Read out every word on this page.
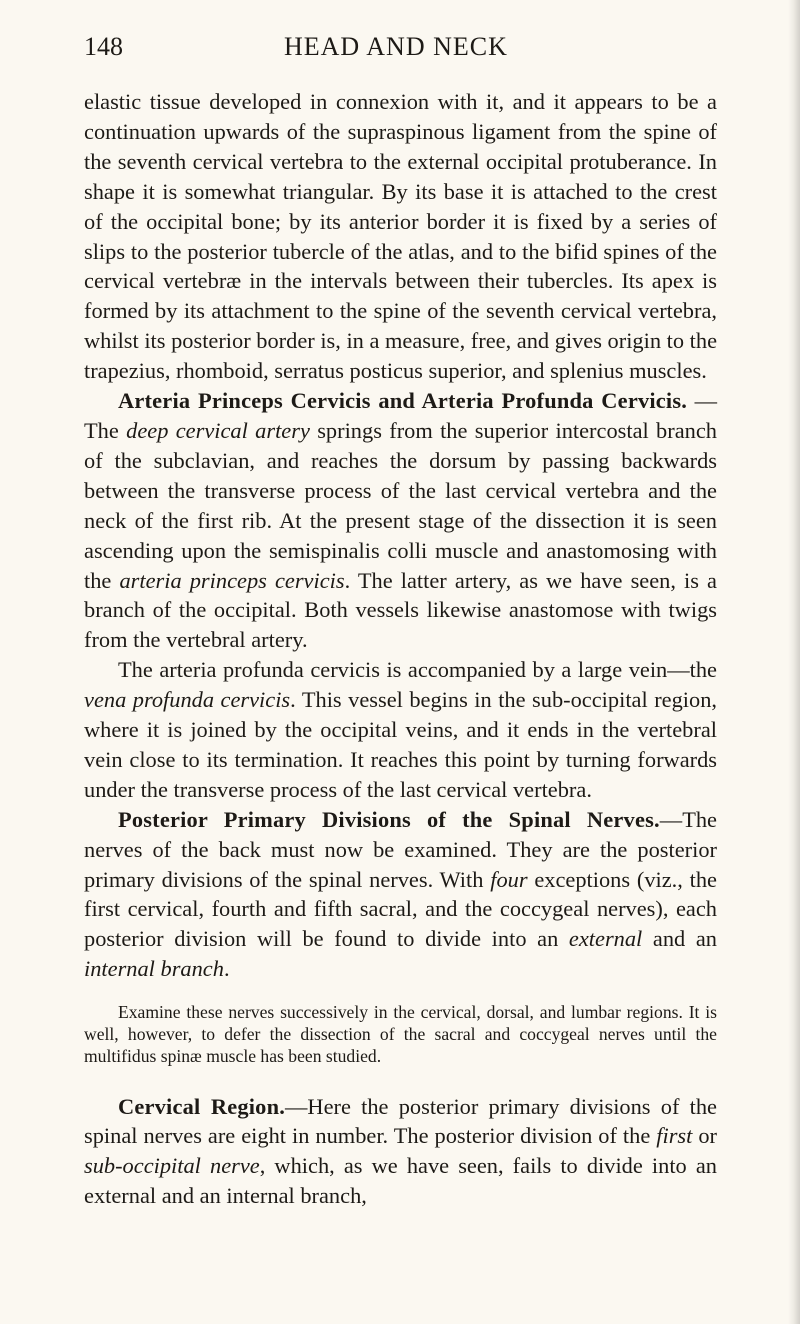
148	HEAD AND NECK

elastic tissue developed in connexion with it, and it appears to be a continuation upwards of the supraspinous ligament from the spine of the seventh cervical vertebra to the external occipital protuberance. In shape it is somewhat triangular. By its base it is attached to the crest of the occipital bone; by its anterior border it is fixed by a series of slips to the posterior tubercle of the atlas, and to the bifid spines of the cervical vertebræ in the intervals between their tubercles. Its apex is formed by its attachment to the spine of the seventh cervical vertebra, whilst its posterior border is, in a measure, free, and gives origin to the trapezius, rhomboid, serratus posticus superior, and splenius muscles.

Arteria Princeps Cervicis and Arteria Profunda Cervicis. —The deep cervical artery springs from the superior intercostal branch of the subclavian, and reaches the dorsum by passing backwards between the transverse process of the last cervical vertebra and the neck of the first rib. At the present stage of the dissection it is seen ascending upon the semispinalis colli muscle and anastomosing with the arteria princeps cervicis. The latter artery, as we have seen, is a branch of the occipital. Both vessels likewise anastomose with twigs from the vertebral artery.

The arteria profunda cervicis is accompanied by a large vein—the vena profunda cervicis. This vessel begins in the sub-occipital region, where it is joined by the occipital veins, and it ends in the vertebral vein close to its termination. It reaches this point by turning forwards under the transverse process of the last cervical vertebra.

Posterior Primary Divisions of the Spinal Nerves.—The nerves of the back must now be examined. They are the posterior primary divisions of the spinal nerves. With four exceptions (viz., the first cervical, fourth and fifth sacral, and the coccygeal nerves), each posterior division will be found to divide into an external and an internal branch.

Examine these nerves successively in the cervical, dorsal, and lumbar regions. It is well, however, to defer the dissection of the sacral and coccygeal nerves until the multifidus spinæ muscle has been studied.

Cervical Region.—Here the posterior primary divisions of the spinal nerves are eight in number. The posterior division of the first or sub-occipital nerve, which, as we have seen, fails to divide into an external and an internal branch,
